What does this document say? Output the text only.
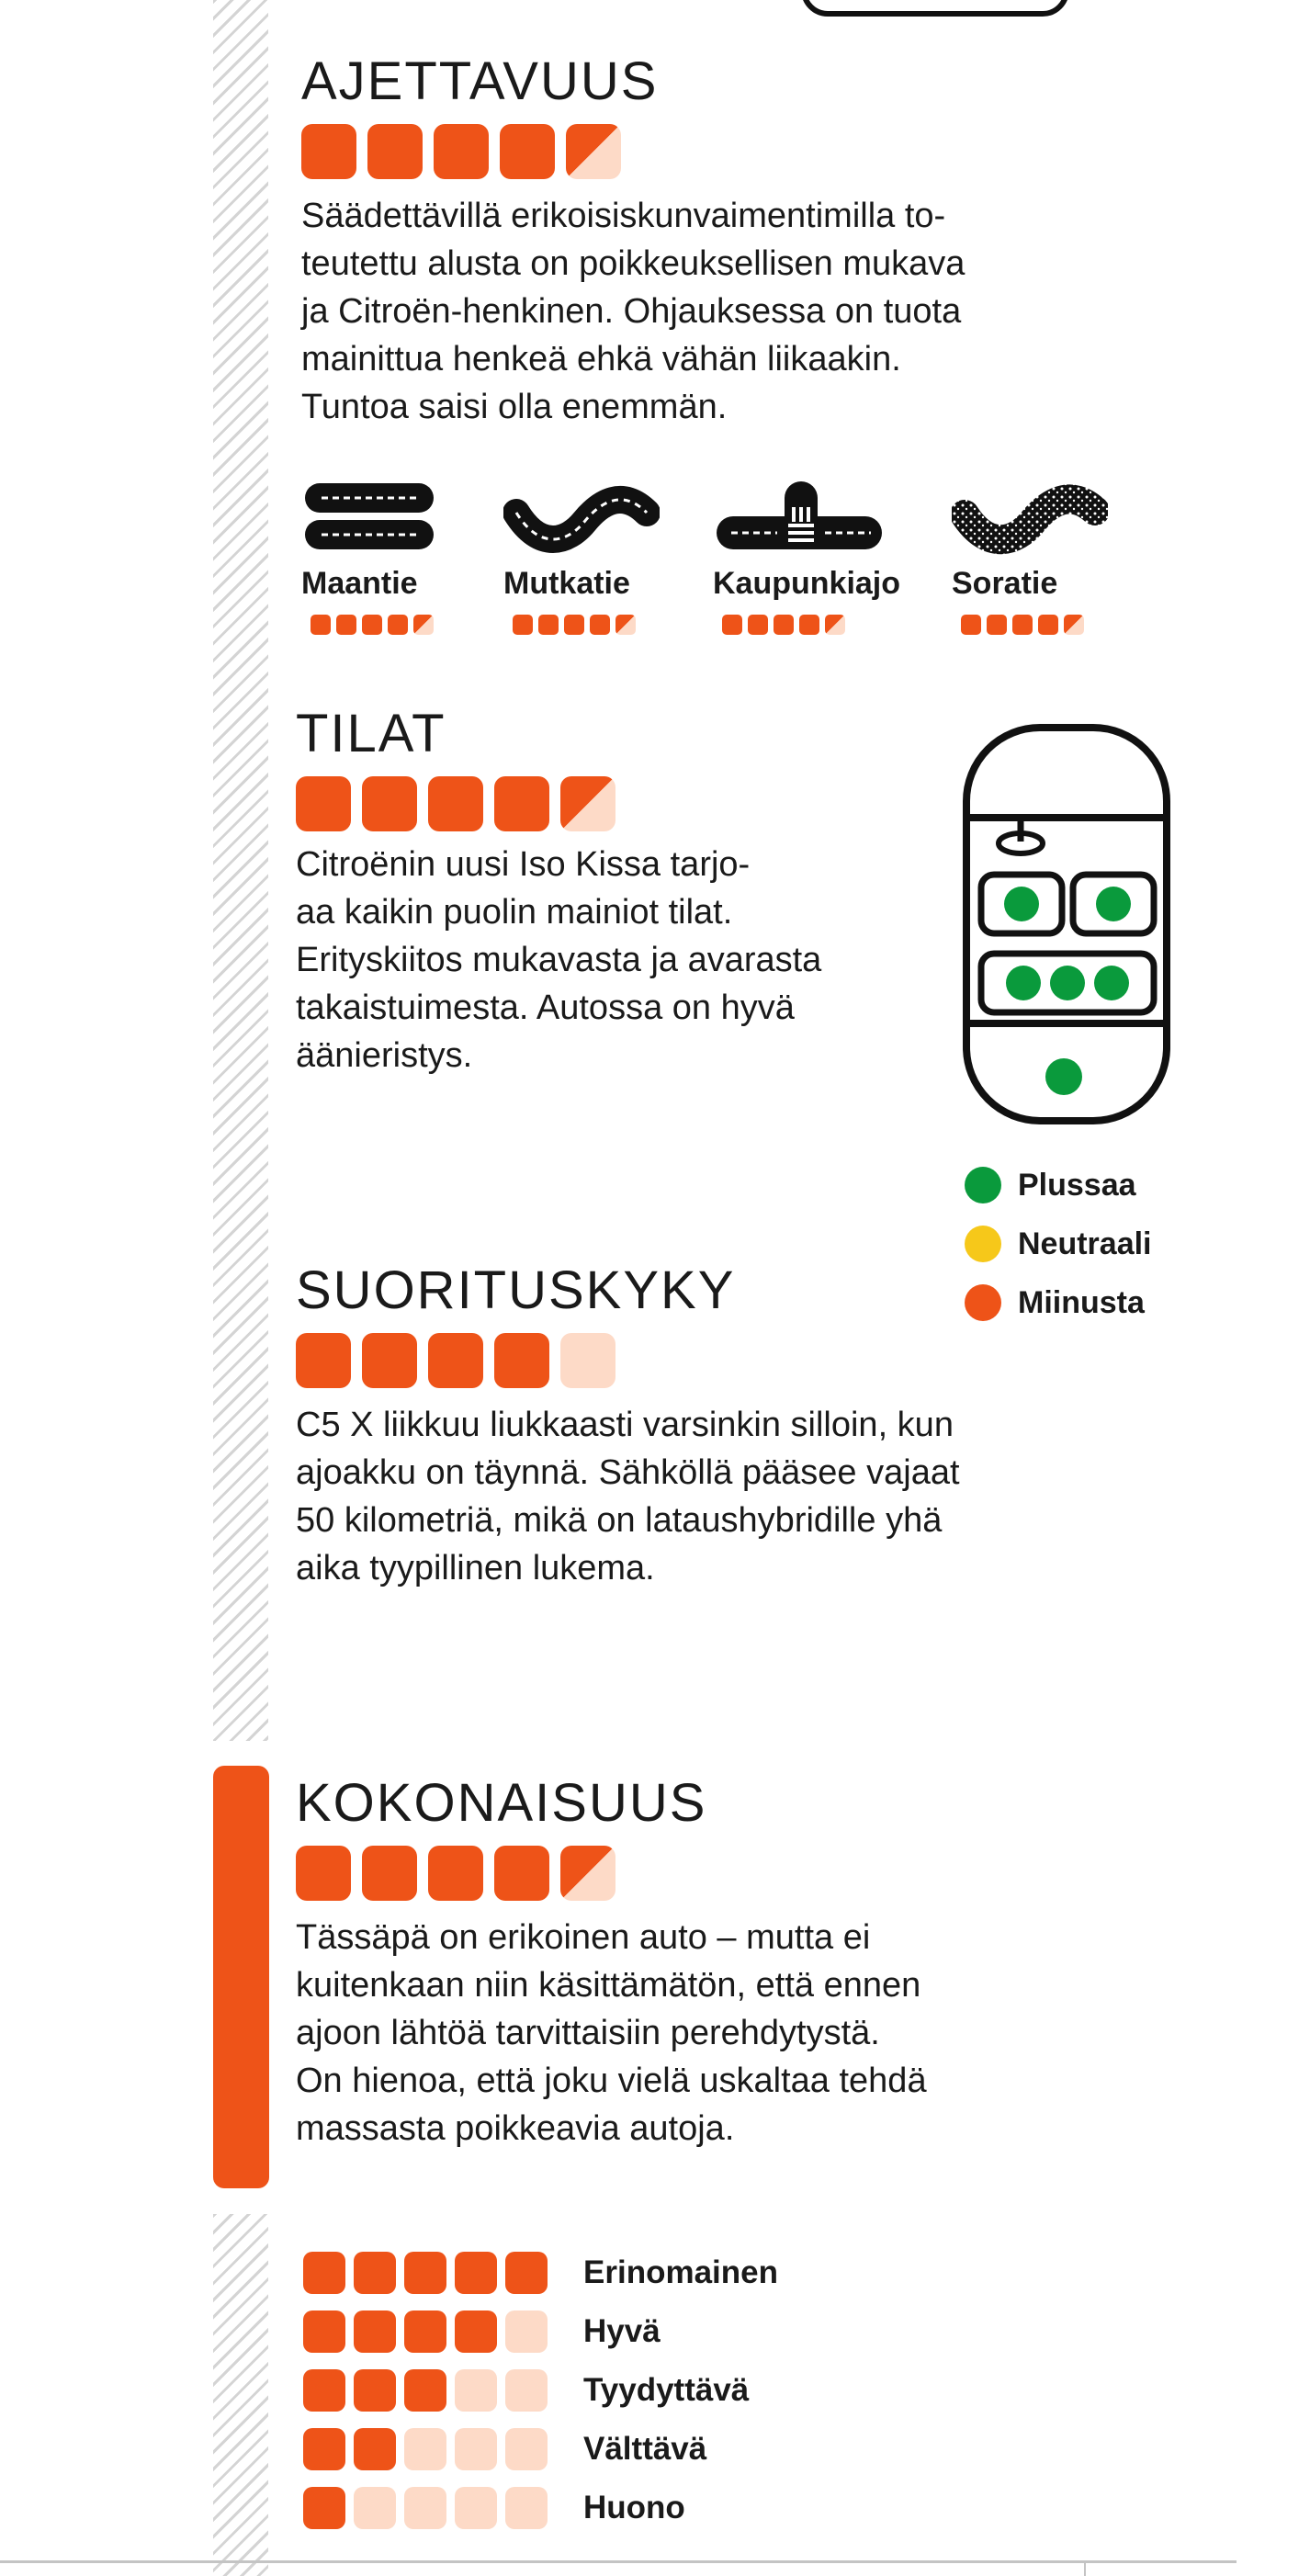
AJETTAVUUS
Säädettävillä erikoisiskunvaimentimilla to-
teutettu alusta on poikkeuksellisen mukava
ja Citroën-henkinen. Ohjauksessa on tuota
mainittua henkeä ehkä vähän liikaakin.
Tuntoa saisi olla enemmän.
Maantie	Mutkatie	Kaupunkiajo Soratie
TILAT
Citroënin uusi Iso Kissa tarjo-
aa kaikin puolin mainiot tilat.
Erityskiitos mukavasta ja avarasta
takaistuimesta. Autossa on hyvä
äänieristys.
Plussaa
Neutraali
Miinusta
SUORITUSKYKY
C5 X liikkuu liukkaasti varsinkin silloin, kun
ajoakku on täynnä. Sähköllä pääsee vajaat
50 kilometriä, mikä on lataushybridille yhä
aika tyypillinen lukema.
KOKONAISUUS
Tässäpä on erikoinen auto – mutta ei
kuitenkaan niin käsittämätön, että ennen
ajoon lähtöä tarvittaisiin perehdytystä.
On hienoa, että joku vielä uskaltaa tehdä
massasta poikkeavia autoja.
Erinomainen
Hyvä
Tyydyttävä
Välttävä
Huono
